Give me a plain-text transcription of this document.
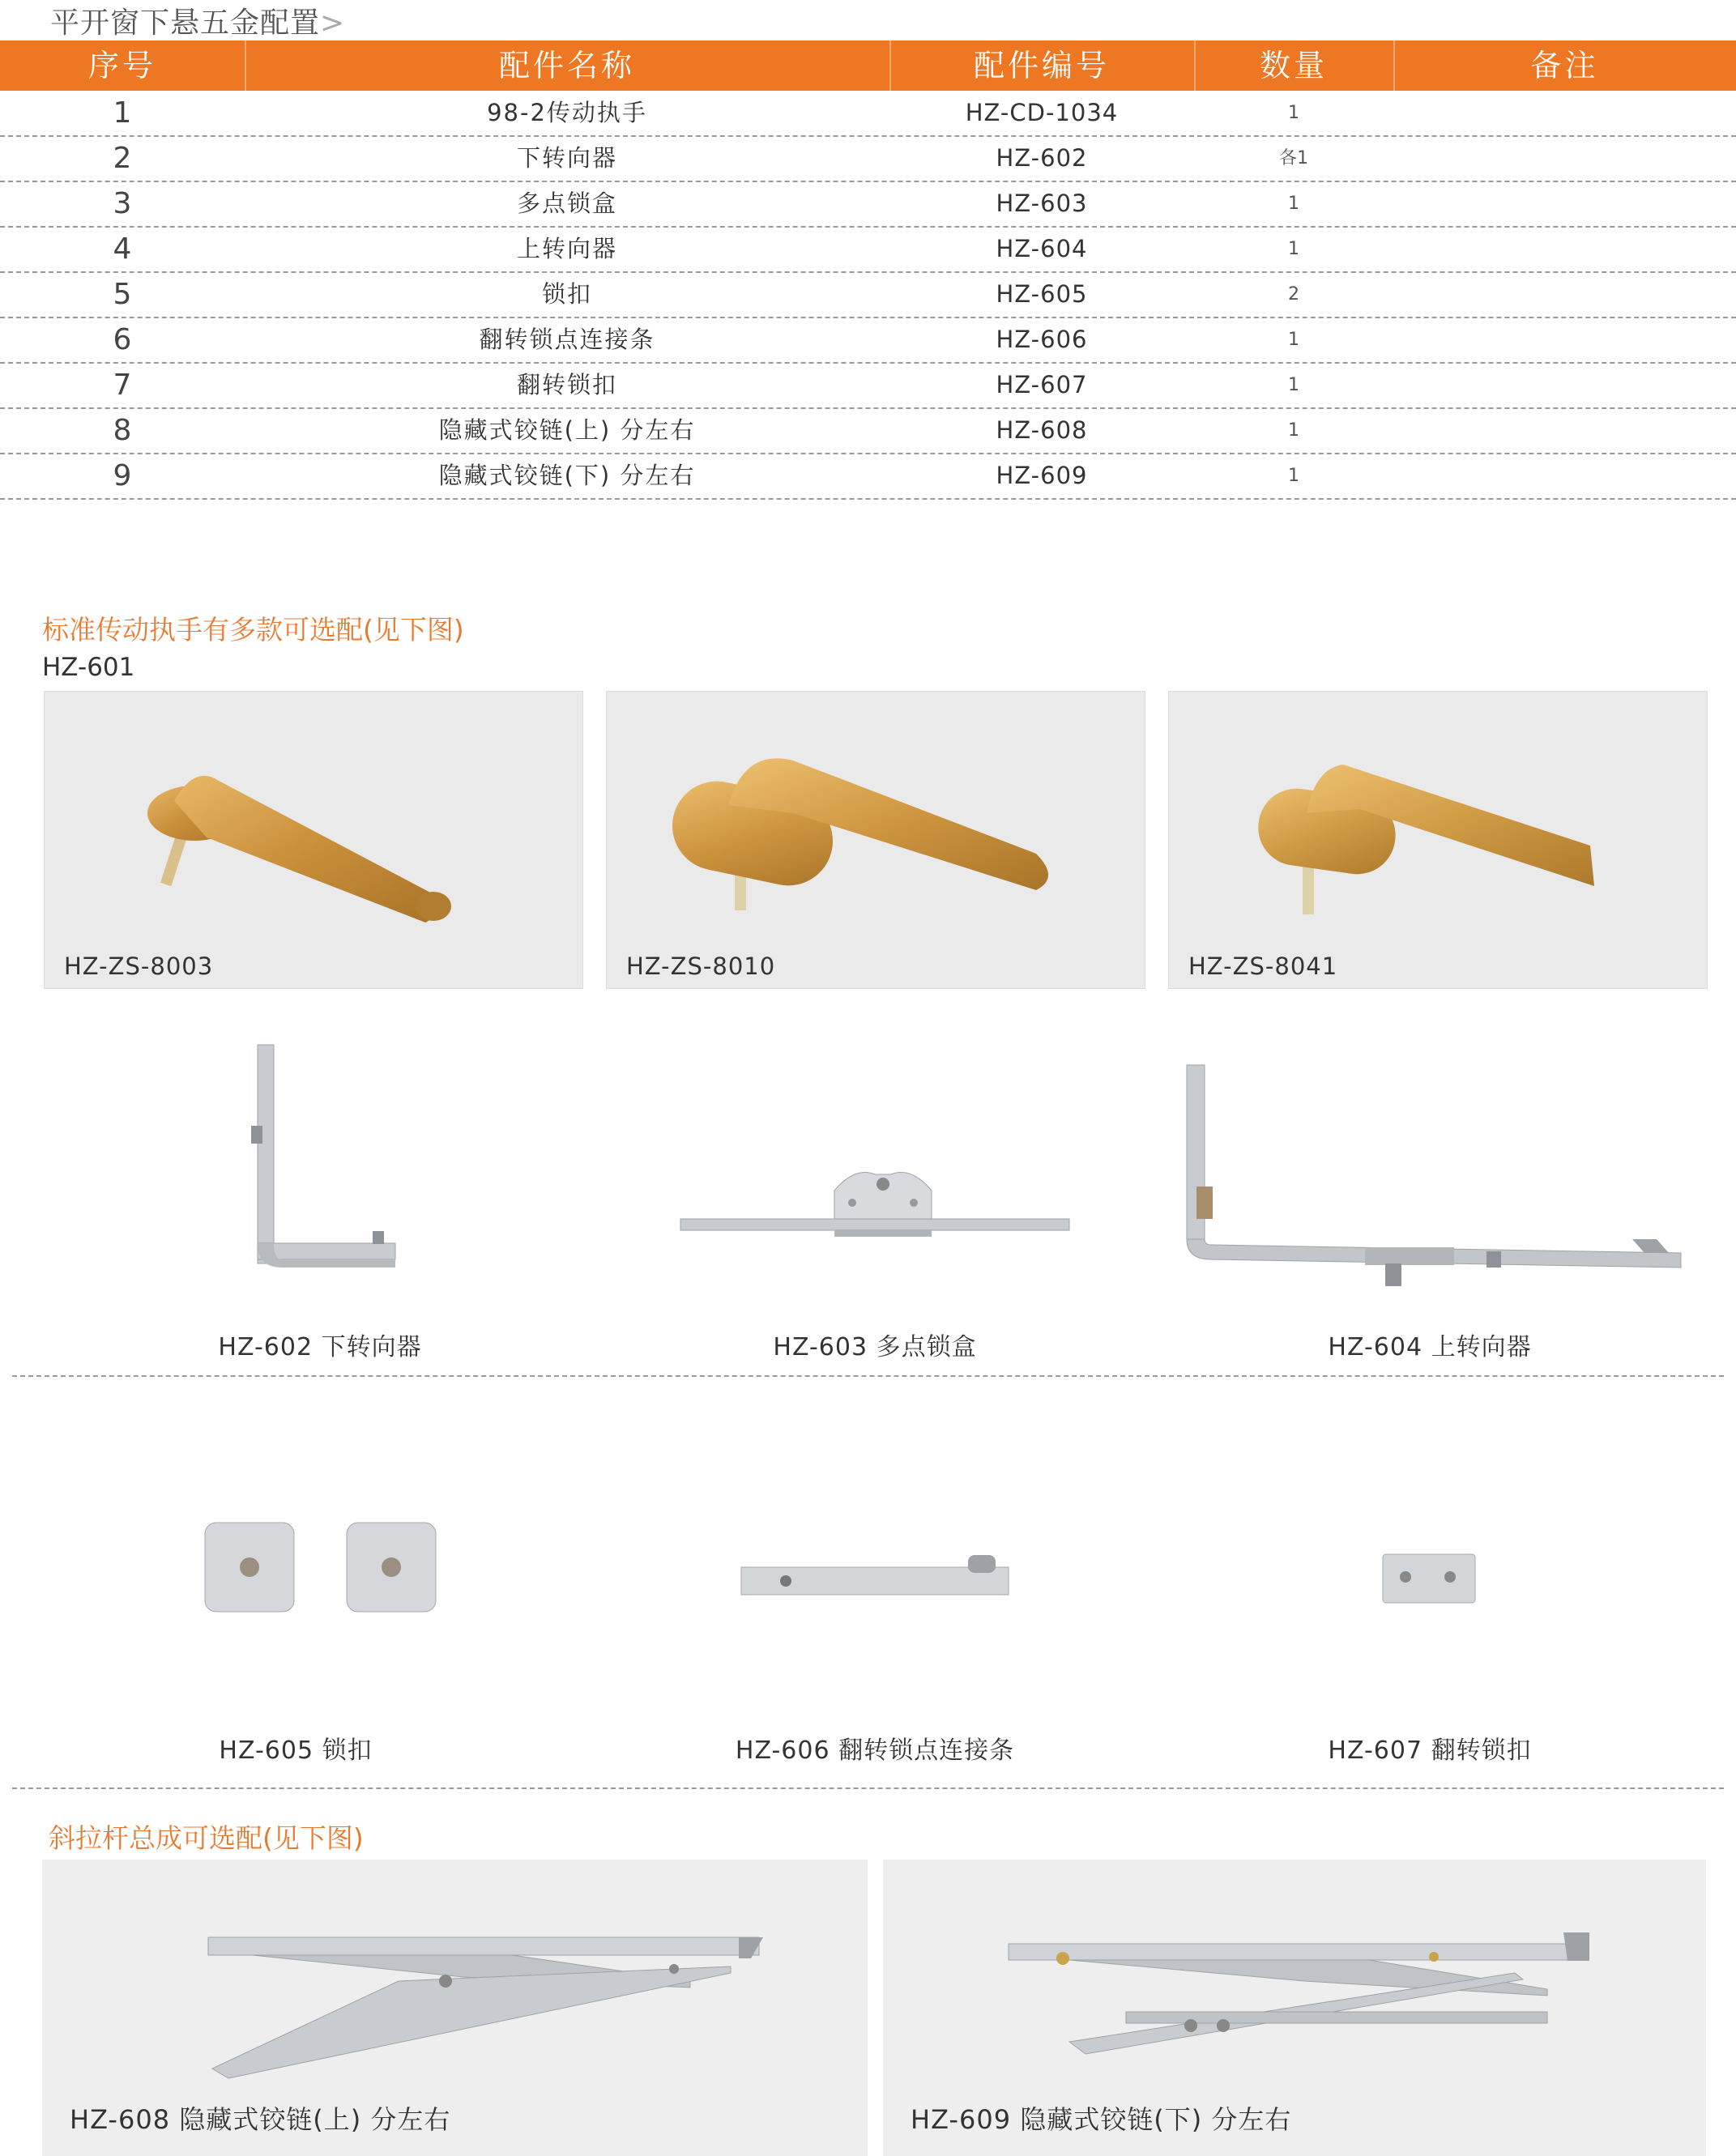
平开窗下悬五金配置>
序号	配件名称	配件编号	数量	备注
1	98-2传动执手	HZ-CD-1034	1
2	下转向器	HZ-602	各1
3	多点锁盒	HZ-603	1
4	上转向器	HZ-604	1
5	锁扣	HZ-605	2
6	翻转锁点连接条	HZ-606	1
7	翻转锁扣	HZ-607	1
8	隐藏式铰链(上) 分左右	HZ-608	1
9	隐藏式铰链(下) 分左右	HZ-609	1
标准传动执手有多款可选配(见下图)
HZ-601
HZ-ZS-8003	HZ-ZS-8010	HZ-ZS-8041
HZ-602 下转向器	HZ-603 多点锁盒	HZ-604 上转向器
HZ-605 锁扣	HZ-606 翻转锁点连接条	HZ-607 翻转锁扣
斜拉杆总成可选配(见下图)
HZ-608 隐藏式铰链(上) 分左右	HZ-609 隐藏式铰链(下) 分左右
